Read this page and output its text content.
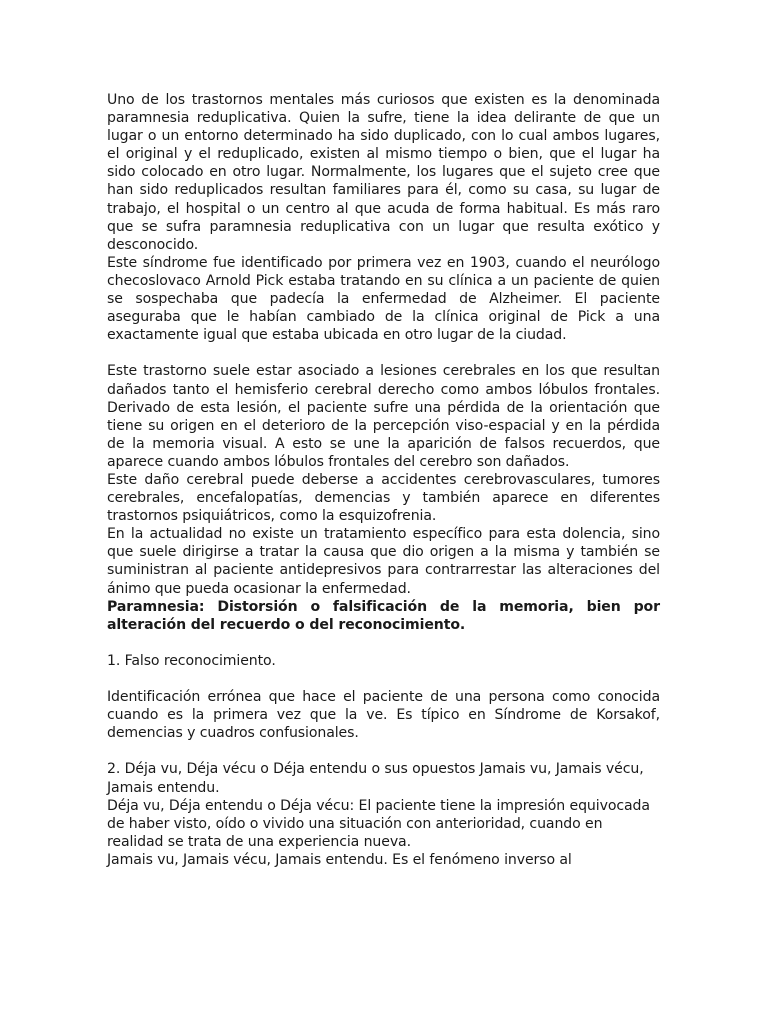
Uno de los trastornos mentales más curiosos que existen es la denominada paramnesia reduplicativa. Quien la sufre, tiene la idea delirante de que un lugar o un entorno determinado ha sido duplicado, con lo cual ambos lugares, el original y el reduplicado, existen al mismo tiempo o bien, que el lugar ha sido colocado en otro lugar. Normalmente, los lugares que el sujeto cree que han sido reduplicados resultan familiares para él, como su casa, su lugar de trabajo, el hospital o un centro al que acuda de forma habitual. Es más raro que se sufra paramnesia reduplicativa con un lugar que resulta exótico y desconocido.

Este síndrome fue identificado por primera vez en 1903, cuando el neurólogo checoslovaco Arnold Pick estaba tratando en su clínica a un paciente de quien se sospechaba que padecía la enfermedad de Alzheimer. El paciente aseguraba que le habían cambiado de la clínica original de Pick a una exactamente igual que estaba ubicada en otro lugar de la ciudad.

Este trastorno suele estar asociado a lesiones cerebrales en los que resultan dañados tanto el hemisferio cerebral derecho como ambos lóbulos frontales. Derivado de esta lesión, el paciente sufre una pérdida de la orientación que tiene su origen en el deterioro de la percepción viso-espacial y en la pérdida de la memoria visual. A esto se une la aparición de falsos recuerdos, que aparece cuando ambos lóbulos frontales del cerebro son dañados.

Este daño cerebral puede deberse a accidentes cerebrovasculares, tumores cerebrales, encefalopatías, demencias y también aparece en diferentes trastornos psiquiátricos, como la esquizofrenia.

En la actualidad no existe un tratamiento específico para esta dolencia, sino que suele dirigirse a tratar la causa que dio origen a la misma y también se suministran al paciente antidepresivos para contrarrestar las alteraciones del ánimo que pueda ocasionar la enfermedad.

Paramnesia: Distorsión o falsificación de la memoria, bien por alteración del recuerdo o del reconocimiento.

1. Falso reconocimiento.

Identificación errónea que hace el paciente de una persona como conocida cuando es la primera vez que la ve. Es típico en Síndrome de Korsakof, demencias y cuadros confusionales.

2. Déja vu, Déja vécu o Déja entendu o sus opuestos Jamais vu, Jamais vécu, Jamais entendu.

Déja vu, Déja entendu o Déja vécu: El paciente tiene la impresión equivocada de haber visto, oído o vivido una situación con anterioridad, cuando en realidad se trata de una experiencia nueva.

Jamais vu, Jamais vécu, Jamais entendu. Es el fenómeno inverso al
